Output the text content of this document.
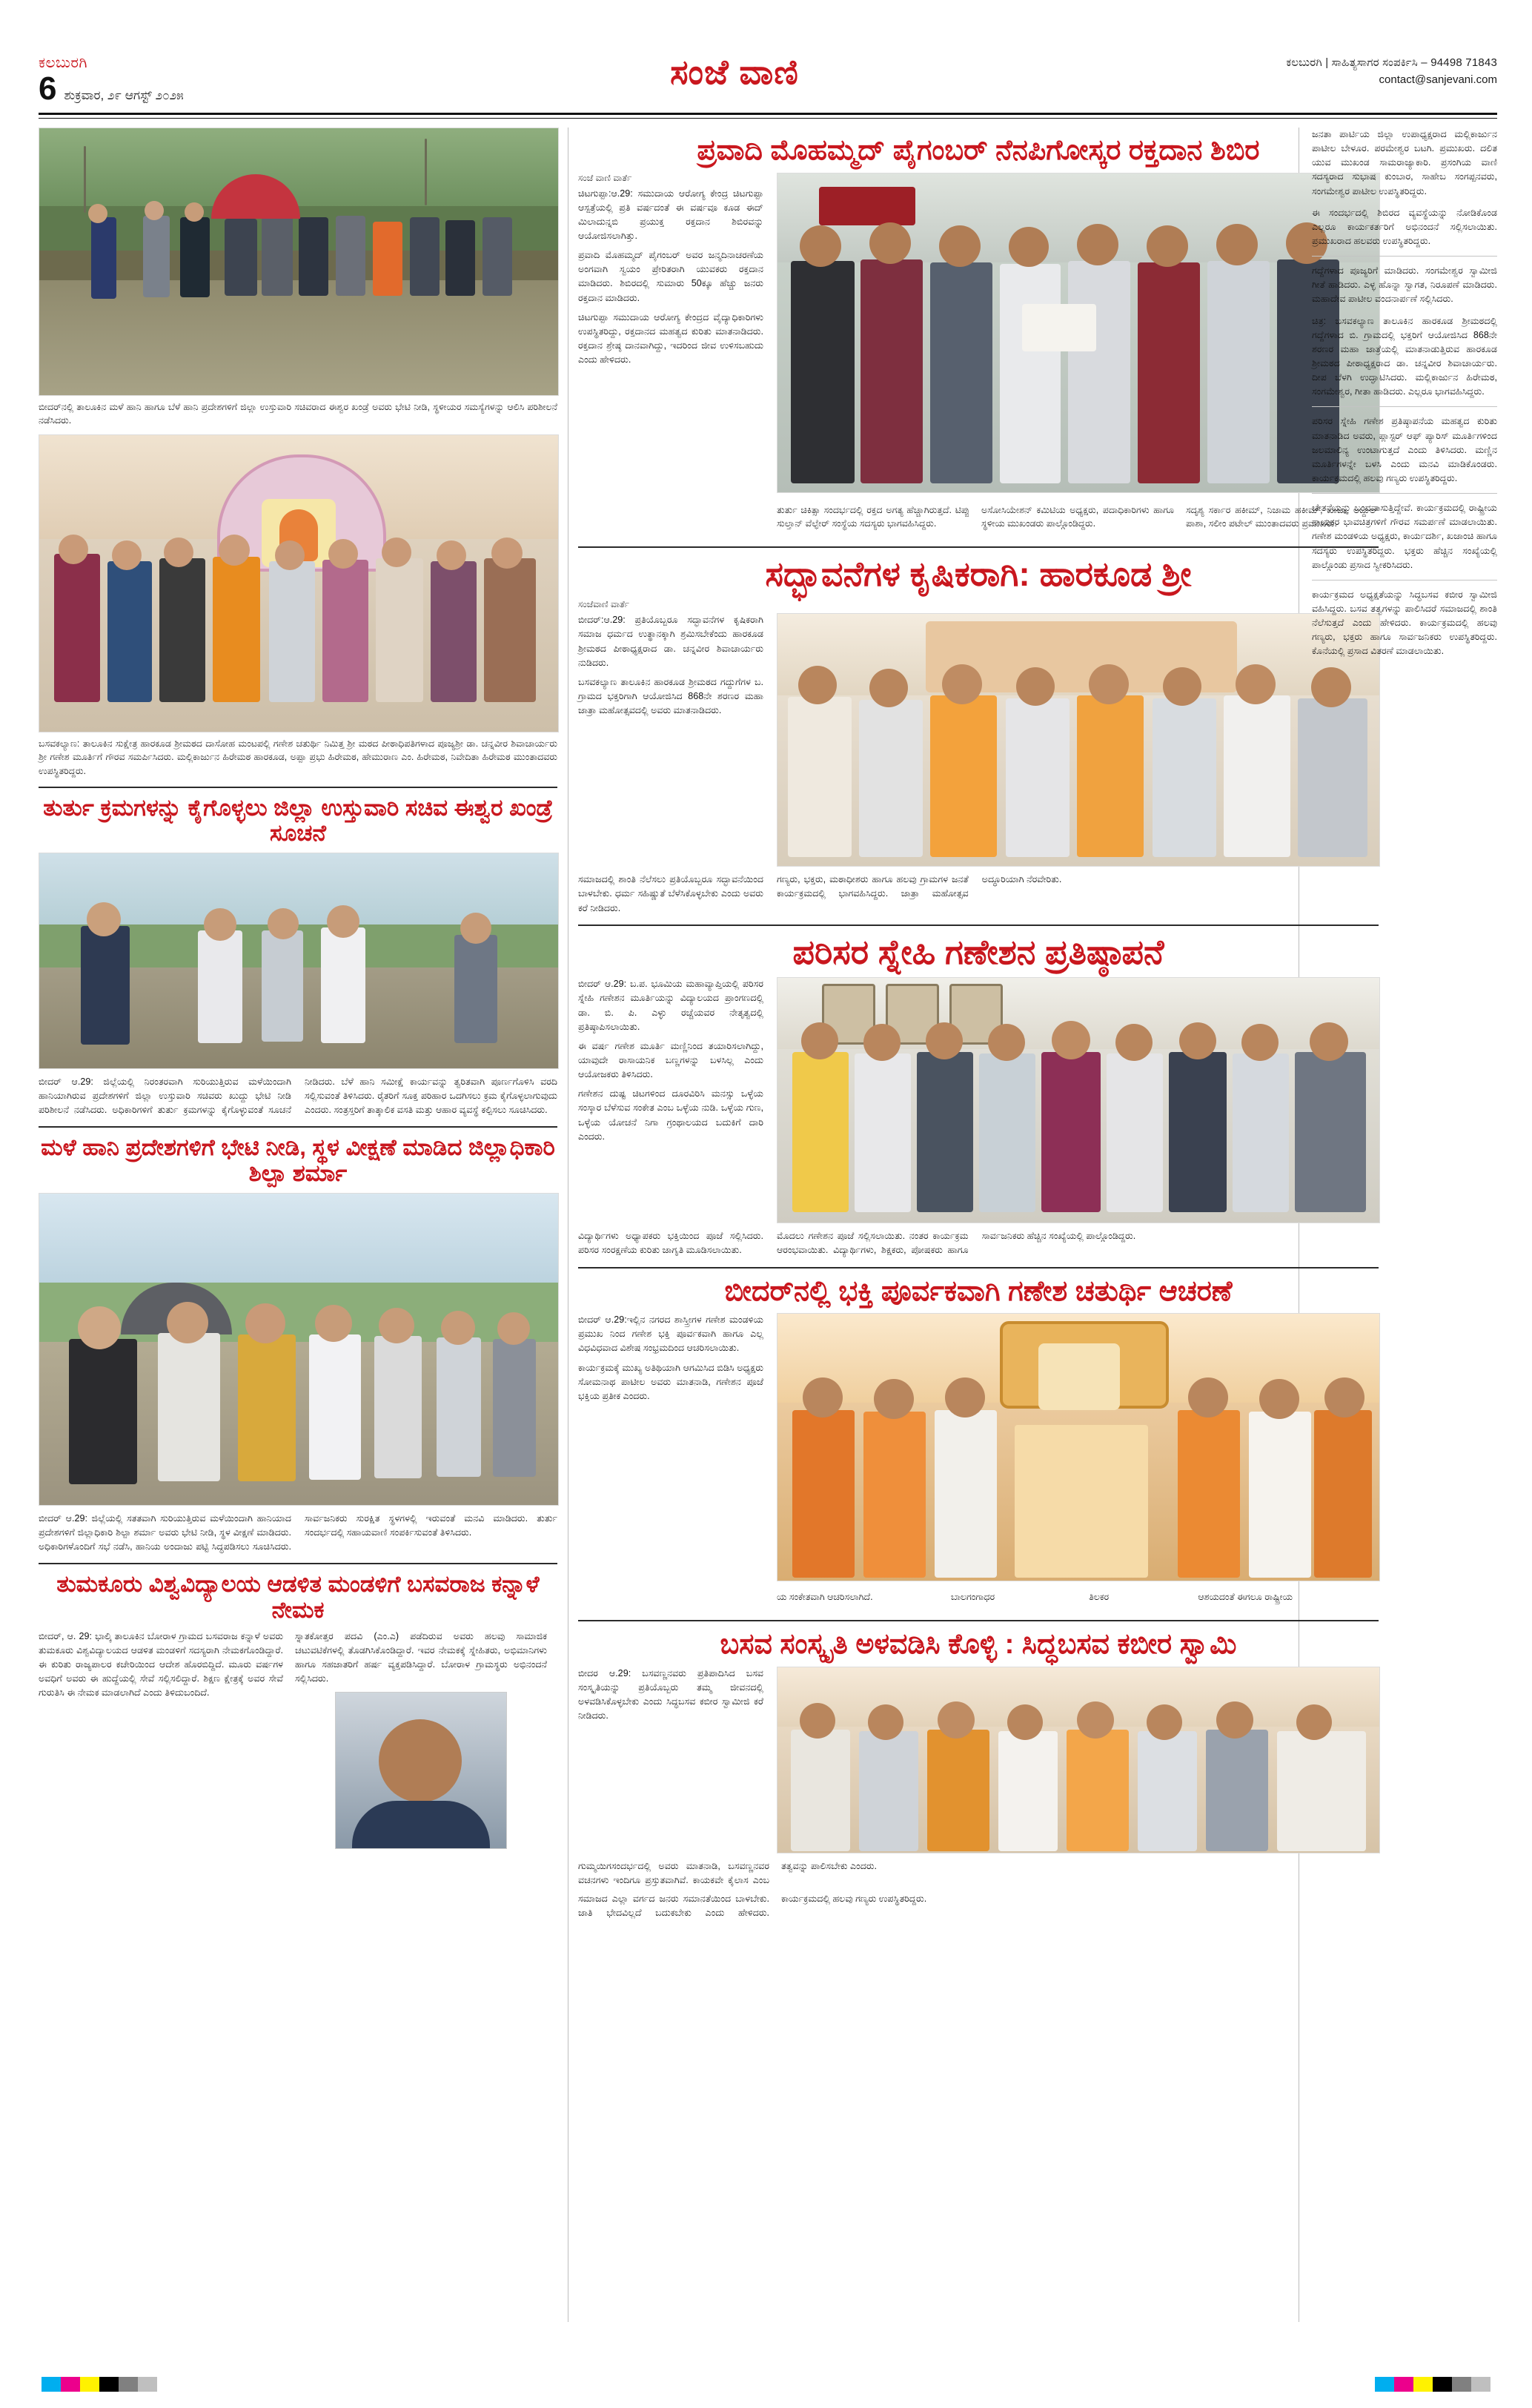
ಕಲಬುರಗಿ
6 ಶುಕ್ರವಾರ, ೨೯ ಆಗಸ್ಟ್ ೨೦೨೫
ಸಂಜೆ ವಾಣಿ	ಕಲಬುರಗಿ | ಸಾಹಿತ್ಯಸಾಗರ ಸಂಪರ್ಕಿಸಿ – 94498 71843
contact@sanjevani.com
ಬೀದರ್‌ನಲ್ಲಿ ತಾಲೂಕಿನ ಮಳೆ ಹಾನಿ ಹಾಗೂ ಬೆಳೆ ಹಾನಿ ಪ್ರದೇಶಗಳಿಗೆ ಜಿಲ್ಲಾ ಉಸ್ತುವಾರಿ ಸಚಿವರಾದ ಈಶ್ವರ ಖಂಡ್ರೆ ಅವರು ಭೇಟಿ ನೀಡಿ, ಸ್ಥಳೀಯರ ಸಮಸ್ಯೆಗಳನ್ನು ಆಲಿಸಿ ಪರಿಶೀಲನೆ ನಡೆಸಿದರು.
ಬಸವಕಲ್ಯಾಣ: ತಾಲೂಕಿನ ಸುಕ್ಷೇತ್ರ ಹಾರಕೂಡ ಶ್ರೀಮಠದ ದಾಸೋಹ ಮಂಟಪಲ್ಲಿ ಗಣೇಶ ಚತುರ್ಥಿ ನಿಮಿತ್ತ ಶ್ರೀ ಮಠದ ಪೀಠಾಧಿಪತಿಗಳಾದ ಪೂಜ್ಯಶ್ರೀ ಡಾ. ಚನ್ನವೀರ ಶಿವಾಚಾರ್ಯರು ಶ್ರೀ ಗಣೇಶ ಮೂರ್ತಿಗೆ ಗೌರವ ಸಮರ್ಪಿಸಿದರು. ಮಲ್ಲಿಕಾರ್ಜುನ ಹಿರೇಮಠ ಹಾರಕೂಡ, ಅಪ್ಪಾ ಪ್ರಭು ಹಿರೇಮಠ, ಹೇಮುರಾಣ ಎಂ. ಹಿರೇಮಠ, ನಿವೇದಿತಾ ಹಿರೇಮಠ ಮುಂತಾದವರು ಉಪಸ್ಥಿತರಿದ್ದರು.
ತುರ್ತು ಕ್ರಮಗಳನ್ನು ಕೈಗೊಳ್ಳಲು ಜಿಲ್ಲಾ ಉಸ್ತುವಾರಿ ಸಚಿವ ಈಶ್ವರ ಖಂಡ್ರೆ ಸೂಚನೆ
ಬೀದರ್ ಆ.29: ಜಿಲ್ಲೆಯಲ್ಲಿ ನಿರಂತರವಾಗಿ ಸುರಿಯುತ್ತಿರುವ ಮಳೆಯಿಂದಾಗಿ ಹಾನಿಯಾಗಿರುವ ಪ್ರದೇಶಗಳಿಗೆ ಜಿಲ್ಲಾ ಉಸ್ತುವಾರಿ ಸಚಿವರು ಖುದ್ದು ಭೇಟಿ ನೀಡಿ ಪರಿಶೀಲನೆ ನಡೆಸಿದರು. ಅಧಿಕಾರಿಗಳಿಗೆ ತುರ್ತು ಕ್ರಮಗಳನ್ನು ಕೈಗೊಳ್ಳುವಂತೆ ಸೂಚನೆ ನೀಡಿದರು. ಬೆಳೆ ಹಾನಿ ಸಮೀಕ್ಷೆ ಕಾರ್ಯವನ್ನು ತ್ವರಿತವಾಗಿ ಪೂರ್ಣಗೊಳಿಸಿ ವರದಿ ಸಲ್ಲಿಸುವಂತೆ ತಿಳಿಸಿದರು. ರೈತರಿಗೆ ಸೂಕ್ತ ಪರಿಹಾರ ಒದಗಿಸಲು ಕ್ರಮ ಕೈಗೊಳ್ಳಲಾಗುವುದು ಎಂದರು. ಸಂತ್ರಸ್ತರಿಗೆ ತಾತ್ಕಾಲಿಕ ವಸತಿ ಮತ್ತು ಆಹಾರ ವ್ಯವಸ್ಥೆ ಕಲ್ಪಿಸಲು ಸೂಚಿಸಿದರು.
ಮಳೆ ಹಾನಿ ಪ್ರದೇಶಗಳಿಗೆ ಭೇಟಿ ನೀಡಿ, ಸ್ಥಳ ವೀಕ್ಷಣೆ ಮಾಡಿದ ಜಿಲ್ಲಾಧಿಕಾರಿ ಶಿಲ್ಪಾ ಶರ್ಮಾ
ಬೀದರ್ ಆ.29: ಜಿಲ್ಲೆಯಲ್ಲಿ ಸತತವಾಗಿ ಸುರಿಯುತ್ತಿರುವ ಮಳೆಯಿಂದಾಗಿ ಹಾನಿಯಾದ ಪ್ರದೇಶಗಳಿಗೆ ಜಿಲ್ಲಾಧಿಕಾರಿ ಶಿಲ್ಪಾ ಶರ್ಮಾ ಅವರು ಭೇಟಿ ನೀಡಿ, ಸ್ಥಳ ವೀಕ್ಷಣೆ ಮಾಡಿದರು. ಅಧಿಕಾರಿಗಳೊಂದಿಗೆ ಸಭೆ ನಡೆಸಿ, ಹಾನಿಯ ಅಂದಾಜು ಪಟ್ಟಿ ಸಿದ್ಧಪಡಿಸಲು ಸೂಚಿಸಿದರು. ಸಾರ್ವಜನಿಕರು ಸುರಕ್ಷಿತ ಸ್ಥಳಗಳಲ್ಲಿ ಇರುವಂತೆ ಮನವಿ ಮಾಡಿದರು. ತುರ್ತು ಸಂದರ್ಭದಲ್ಲಿ ಸಹಾಯವಾಣಿ ಸಂಪರ್ಕಿಸುವಂತೆ ತಿಳಿಸಿದರು.
ತುಮಕೂರು ವಿಶ್ವವಿದ್ಯಾಲಯ ಆಡಳಿತ ಮಂಡಳಿಗೆ ಬಸವರಾಜ ಕನ್ನಾಳೆ ನೇಮಕ
ಬೀದರ್, ಆ. 29: ಭಾಲ್ಕಿ ತಾಲೂಕಿನ ಬೋರಾಳ ಗ್ರಾಮದ ಬಸವರಾಜ ಕನ್ನಾಳೆ ಅವರು ತುಮಕೂರು ವಿಶ್ವವಿದ್ಯಾಲಯದ ಆಡಳಿತ ಮಂಡಳಿಗೆ ಸದಸ್ಯರಾಗಿ ನೇಮಕಗೊಂಡಿದ್ದಾರೆ. ಈ ಕುರಿತು ರಾಜ್ಯಪಾಲರ ಕಚೇರಿಯಿಂದ ಆದೇಶ ಹೊರಬಿದ್ದಿದೆ. ಮೂರು ವರ್ಷಗಳ ಅವಧಿಗೆ ಅವರು ಈ ಹುದ್ದೆಯಲ್ಲಿ ಸೇವೆ ಸಲ್ಲಿಸಲಿದ್ದಾರೆ. ಶಿಕ್ಷಣ ಕ್ಷೇತ್ರಕ್ಕೆ ಅವರ ಸೇವೆ ಗುರುತಿಸಿ ಈ ನೇಮಕ ಮಾಡಲಾಗಿದೆ ಎಂದು ತಿಳಿದುಬಂದಿದೆ.
ಸ್ನಾತಕೋತ್ತರ ಪದವಿ (ಎಂ.ಎ) ಪಡೆದಿರುವ ಅವರು ಹಲವು ಸಾಮಾಜಿಕ ಚಟುವಟಿಕೆಗಳಲ್ಲಿ ತೊಡಗಿಸಿಕೊಂಡಿದ್ದಾರೆ. ಇವರ ನೇಮಕಕ್ಕೆ ಸ್ನೇಹಿತರು, ಅಭಿಮಾನಿಗಳು ಹಾಗೂ ಸಹಜಾತರಿಗೆ ಹರ್ಷ ವ್ಯಕ್ತಪಡಿಸಿದ್ದಾರೆ. ಬೋರಾಳ ಗ್ರಾಮಸ್ಥರು ಅಭಿನಂದನೆ ಸಲ್ಲಿಸಿದರು.
ಪ್ರವಾದಿ ಮೊಹಮ್ಮದ್ ಪೈಗಂಬರ್ ನೆನಪಿಗೋಸ್ಕರ ರಕ್ತದಾನ ಶಿಬಿರ
ಸಂಜೆ ವಾಣಿ ವಾರ್ತೆ
ಚಿಟಗುಪ್ಪಾ:ಆ.29: ಸಮುದಾಯ ಆರೋಗ್ಯ ಕೇಂದ್ರ ಚಿಟಗುಪ್ಪಾ ಆಸ್ಪತ್ರೆಯಲ್ಲಿ ಪ್ರತಿ ವರ್ಷದಂತೆ ಈ ವರ್ಷವೂ ಕೂಡ ಈದ್ ಮಿಲಾದುನ್ನಬಿ ಪ್ರಯುಕ್ತ ರಕ್ತದಾನ ಶಿಬಿರವನ್ನು ಆಯೋಜಿಸಲಾಗಿತ್ತು.
ಪ್ರವಾದಿ ಮೊಹಮ್ಮದ್ ಪೈಗಂಬರ್ ಅವರ ಜನ್ಮದಿನಾಚರಣೆಯ ಅಂಗವಾಗಿ ಸ್ವಯಂ ಪ್ರೇರಿತರಾಗಿ ಯುವಕರು ರಕ್ತದಾನ ಮಾಡಿದರು. ಶಿಬಿರದಲ್ಲಿ ಸುಮಾರು 50ಕ್ಕೂ ಹೆಚ್ಚು ಜನರು ರಕ್ತದಾನ ಮಾಡಿದರು.
ಚಿಟಗುಪ್ಪಾ ಸಮುದಾಯ ಆರೋಗ್ಯ ಕೇಂದ್ರದ ವೈದ್ಯಾಧಿಕಾರಿಗಳು ಉಪಸ್ಥಿತರಿದ್ದು, ರಕ್ತದಾನದ ಮಹತ್ವದ ಕುರಿತು ಮಾತನಾಡಿದರು. ರಕ್ತದಾನ ಶ್ರೇಷ್ಠ ದಾನವಾಗಿದ್ದು, ಇದರಿಂದ ಜೀವ ಉಳಿಸಬಹುದು ಎಂದು ಹೇಳಿದರು.
ತುರ್ತು ಚಿಕಿತ್ಸಾ ಸಂದರ್ಭದಲ್ಲಿ ರಕ್ತದ ಅಗತ್ಯ ಹೆಚ್ಚಾಗಿರುತ್ತದೆ. ಟಿಪ್ಪು ಸುಲ್ತಾನ್ ವೆಲ್ಫೇರ್ ಸಂಸ್ಥೆಯ ಸದಸ್ಯರು ಭಾಗವಹಿಸಿದ್ದರು.
ಅಸೋಸಿಯೇಶನ್ ಕಮಿಟಿಯ ಅಧ್ಯಕ್ಷರು, ಪದಾಧಿಕಾರಿಗಳು ಹಾಗೂ ಸ್ಥಳೀಯ ಮುಖಂಡರು ಪಾಲ್ಗೊಂಡಿದ್ದರು.
ಸದೃಶ್ಯ ಸರ್ಕಾರ ಹಕೀಮ್, ನಿಜಾಮ ಹಕೀಮ್, ಖಾಜಾ, ಅಬ್ದುಲ್ ಪಾಶಾ, ಸಲೀಂ ಪಟೇಲ್ ಮುಂತಾದವರು ಪ್ರಮುಖರು.
ಸದ್ಭಾವನೆಗಳ ಕೃಷಿಕರಾಗಿ: ಹಾರಕೂಡ ಶ್ರೀ
ಸಂಜೆವಾಣಿ ವಾರ್ತೆ
ಬೀದರ್:ಆ.29: ಪ್ರತಿಯೊಬ್ಬರೂ ಸದ್ಭಾವನೆಗಳ ಕೃಷಿಕರಾಗಿ ಸಮಾಜ ಧರ್ಮದ ಉತ್ಥಾನಕ್ಕಾಗಿ ಶ್ರಮಿಸಬೇಕೆಂದು ಹಾರಕೂಡ ಶ್ರೀಮಠದ ಪೀಠಾಧ್ಯಕ್ಷರಾದ ಡಾ. ಚನ್ನವೀರ ಶಿವಾಚಾರ್ಯರು ನುಡಿದರು.
ಬಸವಕಲ್ಯಾಣ ತಾಲೂಕಿನ ಹಾರಕೂಡ ಶ್ರೀಮಠದ ಗದ್ದುಗೆಗಳ ಬ. ಗ್ರಾಮದ ಭಕ್ತರಿಗಾಗಿ ಆಯೋಜಿಸಿದ 868ನೇ ಶರಣರ ಮಹಾ ಜಾತ್ರಾ ಮಹೋತ್ಸವದಲ್ಲಿ ಅವರು ಮಾತನಾಡಿದರು.
ಸಮಾಜದಲ್ಲಿ ಶಾಂತಿ ನೆಲೆಸಲು ಪ್ರತಿಯೊಬ್ಬರೂ ಸದ್ಭಾವನೆಯಿಂದ ಬಾಳಬೇಕು. ಧರ್ಮ ಸಹಿಷ್ಣುತೆ ಬೆಳೆಸಿಕೊಳ್ಳಬೇಕು ಎಂದು ಅವರು ಕರೆ ನೀಡಿದರು.
ಗಣ್ಯರು, ಭಕ್ತರು, ಮಠಾಧೀಶರು ಹಾಗೂ ಹಲವು ಗ್ರಾಮಗಳ ಜನತೆ ಕಾರ್ಯಕ್ರಮದಲ್ಲಿ ಭಾಗವಹಿಸಿದ್ದರು. ಜಾತ್ರಾ ಮಹೋತ್ಸವ ಅದ್ಧೂರಿಯಾಗಿ ನೆರವೇರಿತು.
ಪರಿಸರ ಸ್ನೇಹಿ ಗಣೇಶನ ಪ್ರತಿಷ್ಠಾಪನೆ
ಬೀದರ್ ಆ.29: ಬ.ಪ. ಭೂಮಿಯ ಮಹಾವ್ಯಾಪ್ತಿಯಲ್ಲಿ ಪರಿಸರ ಸ್ನೇಹಿ ಗಣೇಶನ ಮೂರ್ತಿಯನ್ನು ವಿದ್ಯಾಲಯದ ಪ್ರಾಂಗಣದಲ್ಲಿ ಡಾ. ಬಿ. ಪಿ. ಎಳ್ಳು ರಚ್ಚೆಯವರ ನೇತೃತ್ವದಲ್ಲಿ ಪ್ರತಿಷ್ಠಾಪಿಸಲಾಯಿತು.
ಈ ವರ್ಷ ಗಣೇಶ ಮೂರ್ತಿ ಮಣ್ಣಿನಿಂದ ತಯಾರಿಸಲಾಗಿದ್ದು, ಯಾವುದೇ ರಾಸಾಯನಿಕ ಬಣ್ಣಗಳನ್ನು ಬಳಸಿಲ್ಲ ಎಂದು ಆಯೋಜಕರು ತಿಳಿಸಿದರು.
ಗಣೇಶನ ದುಷ್ಟ ಚಿಟಗಳಿಂದ ದೂರವಿರಿಸಿ ಮನಸ್ಸು ಒಳ್ಳೆಯ ಸಂಸ್ಕಾರ ಬೆಳೆಸುವ ಸಂಕೇತ ಎಂಬ ಒಳ್ಳೆಯ ನುಡಿ. ಒಳ್ಳೆಯ ಗುಣ, ಒಳ್ಳೆಯ ಯೋಚನೆ ನಿಗಾ ಗ್ರಂಥಾಲಯದ ಬದುಕಿಗೆ ದಾರಿ ಎಂದರು.
ವಿದ್ಯಾರ್ಥಿಗಳು ಅಧ್ಯಾಪಕರು ಭಕ್ತಿಯಿಂದ ಪೂಜೆ ಸಲ್ಲಿಸಿದರು. ಪರಿಸರ ಸಂರಕ್ಷಣೆಯ ಕುರಿತು ಜಾಗೃತಿ ಮೂಡಿಸಲಾಯಿತು.
ಮೊದಲು ಗಣೇಶನ ಪೂಜೆ ಸಲ್ಲಿಸಲಾಯಿತು. ನಂತರ ಕಾರ್ಯಕ್ರಮ ಆರಂಭವಾಯಿತು. ವಿದ್ಯಾರ್ಥಿಗಳು, ಶಿಕ್ಷಕರು, ಪೋಷಕರು ಹಾಗೂ ಸಾರ್ವಜನಿಕರು ಹೆಚ್ಚಿನ ಸಂಖ್ಯೆಯಲ್ಲಿ ಪಾಲ್ಗೊಂಡಿದ್ದರು.
ಬೀದರ್‌ನಲ್ಲಿ ಭಕ್ತಿ ಪೂರ್ವಕವಾಗಿ ಗಣೇಶ ಚತುರ್ಥಿ ಆಚರಣೆ
ಬೀದರ್ ಆ.29:ಇಲ್ಲಿನ ನಗರದ ಶಾಸ್ತ್ರೀಗಳ ಗಣೇಶ ಮಂಡಳಿಯ ಪ್ರಮುಖ ನಿಂದ ಗಣೇಶ ಭಕ್ತಿ ಪೂರ್ವಕವಾಗಿ ಹಾಗೂ ಎಲ್ಲ ವಿಧವಿಧವಾದ ವಿಶೇಷ ಸಂಭ್ರಮದಿಂದ ಆಚರಿಸಲಾಯಿತು.
ಕಾರ್ಯಕ್ರಮಕ್ಕೆ ಮುಖ್ಯ ಅತಿಥಿಯಾಗಿ ಆಗಮಿಸಿದ ಬಿಡಿಸಿ ಅಧ್ಯಕ್ಷರು ಸೋಮನಾಥ ಪಾಟೀಲ ಅವರು ಮಾತನಾಡಿ, ಗಣೇಶನ ಪೂಜೆ ಭಕ್ತಿಯ ಪ್ರತೀಕ ಎಂದರು.
ಯ ಸಂಕೇತವಾಗಿ ಆಚರಿಸಲಾಗಿದೆ.	ಬಾಲಗಂಗಾಧರ	ತಿಲಕರ	ಆಶಯದಂತೆ ಈಗಲೂ ರಾಷ್ಟ್ರೀಯ
ಬಸವ ಸಂಸ್ಕೃತಿ ಅಳವಡಿಸಿ ಕೊಳ್ಳಿ : ಸಿದ್ಧಬಸವ ಕಬೀರ ಸ್ವಾಮಿ
ಬೀದರ ಆ.29: ಬಸವಣ್ಣನವರು ಪ್ರತಿಪಾದಿಸಿದ ಬಸವ ಸಂಸ್ಕೃತಿಯನ್ನು ಪ್ರತಿಯೊಬ್ಬರು ತಮ್ಮ ಜೀವನದಲ್ಲಿ ಅಳವಡಿಸಿಕೊಳ್ಳಬೇಕು ಎಂದು ಸಿದ್ಧಬಸವ ಕಬೀರ ಸ್ವಾಮೀಜಿ ಕರೆ ನೀಡಿದರು.
ಗುಮ್ಮಯಿಗಸಂದರ್ಭದಲ್ಲಿ ಅವರು ಮಾತನಾಡಿ, ಬಸವಣ್ಣನವರ ವಚನಗಳು ಇಂದಿಗೂ ಪ್ರಸ್ತುತವಾಗಿವೆ. ಕಾಯಕವೇ ಕೈಲಾಸ ಎಂಬ ತತ್ವವನ್ನು ಪಾಲಿಸಬೇಕು ಎಂದರು.
ಸಮಾಜದ ಎಲ್ಲಾ ವರ್ಗದ ಜನರು ಸಮಾನತೆಯಿಂದ ಬಾಳಬೇಕು. ಜಾತಿ ಭೇದವಿಲ್ಲದೆ ಬದುಕಬೇಕು ಎಂದು ಹೇಳಿದರು. ಕಾರ್ಯಕ್ರಮದಲ್ಲಿ ಹಲವು ಗಣ್ಯರು ಉಪಸ್ಥಿತರಿದ್ದರು.
ಜನತಾ ಪಾರ್ಟಿಯ ಜಿಲ್ಲಾ ಉಪಾಧ್ಯಕ್ಷರಾದ ಮಲ್ಲಿಕಾರ್ಜುನ ಪಾಟೀಲ ಬೇಳೂರ. ಪರಮೇಶ್ವರ ಬಟಗಿ. ಪ್ರಮುಖರು. ದಲಿತ ಯುವ ಮುಖಂಡ ಸಾಮರಾಜ್ಯಾಕಾರಿ. ಪ್ರಸಂಗಿಯ ವಾಣಿ ಸದಸ್ಯರಾದ ಸುಭಾಷ ಕುಂಬಾರ, ಸಾಹೇಬ ಸಂಗಪ್ಪನವರು, ಸಂಗಮೇಶ್ವರ ಪಾಟೀಲ ಉಪಸ್ಥಿತರಿದ್ದರು.
ಈ ಸಂದರ್ಭದಲ್ಲಿ ಶಿಬಿರದ ವ್ಯವಸ್ಥೆಯನ್ನು ನೋಡಿಕೊಂಡ ಎಲ್ಲರೂ ಕಾರ್ಯಕರ್ತರಿಗೆ ಅಭಿನಂದನೆ ಸಲ್ಲಿಸಲಾಯಿತು. ಪ್ರಮುಖರಾದ ಹಲವರು ಉಪಸ್ಥಿತರಿದ್ದರು.
ಗದ್ದೆಗಳಾದ ಪೂಜ್ಯರಿಗೆ ಮಾಡಿದರು. ಸಂಗಮೇಶ್ವರ ಸ್ವಾಮೀಜಿ ಗೀತೆ ಹಾಡಿದರು. ಎಳ್ಳ ಹೊನ್ನಾ ಸ್ವಾಗತ, ನಿರೂಪಣೆ ಮಾಡಿದರು. ಮಹಾದೇವ ಪಾಟೀಲ ವಂದನಾರ್ಪಣೆ ಸಲ್ಲಿಸಿದರು.
ಚಿತ್ರ: ಬಸವಕಲ್ಯಾಣ ತಾಲೂಕಿನ ಹಾರಕೂಡ ಶ್ರೀಮಠದಲ್ಲಿ ಗದ್ದೆಗಳಾದ ಬಿ. ಗ್ರಾಮದಲ್ಲಿ ಭಕ್ತರಿಗೆ ಆಯೋಜಿಸಿದ 868ನೇ ಶರಣರ ಮಹಾ ಜಾತ್ರೆಯಲ್ಲಿ ಮಾತನಾಡುತ್ತಿರುವ ಹಾರಕೂಡ ಶ್ರೀಮಠದ ಪೀಠಾಧ್ಯಕ್ಷರಾದ ಡಾ. ಚನ್ನವೀರ ಶಿವಾಚಾರ್ಯರು. ದೀಪ ಬೆಳಗಿ ಉದ್ಘಾಟಿಸಿದರು. ಮಲ್ಲಿಕಾರ್ಜುನ ಹಿರೇಮಠ, ಸಂಗಮೇಶ್ವರ, ಗೀತಾ ಹಾಡಿದರು. ಎಲ್ಲರೂ ಭಾಗವಹಿಸಿದ್ದರು.
ಪರಿಸರ ಸ್ನೇಹಿ ಗಣೇಶ ಪ್ರತಿಷ್ಠಾಪನೆಯ ಮಹತ್ವದ ಕುರಿತು ಮಾತನಾಡಿದ ಅವರು, ಪ್ಲಾಸ್ಟರ್ ಆಫ್ ಪ್ಯಾರಿಸ್ ಮೂರ್ತಿಗಳಿಂದ ಜಲಮಾಲಿನ್ಯ ಉಂಟಾಗುತ್ತದೆ ಎಂದು ತಿಳಿಸಿದರು. ಮಣ್ಣಿನ ಮೂರ್ತಿಗಳನ್ನೇ ಬಳಸಿ ಎಂದು ಮನವಿ ಮಾಡಿಕೊಂಡರು. ಕಾರ್ಯಕ್ರಮದಲ್ಲಿ ಹಲವು ಗಣ್ಯರು ಉಪಸ್ಥಿತರಿದ್ದರು.
ಚೇತನೆಯನ್ನು ಬಂದವಾಸುತ್ತಿದ್ದೇವೆ. ಕಾರ್ಯಕ್ರಮದಲ್ಲಿ ರಾಷ್ಟ್ರೀಯ ನಾಯಕರ ಭಾವಚಿತ್ರಗಳಿಗೆ ಗೌರವ ಸಮರ್ಪಣೆ ಮಾಡಲಾಯಿತು. ಗಣೇಶ ಮಂಡಳಿಯ ಅಧ್ಯಕ್ಷರು, ಕಾರ್ಯದರ್ಶಿ, ಖಜಾಂಚಿ ಹಾಗೂ ಸದಸ್ಯರು ಉಪಸ್ಥಿತರಿದ್ದರು. ಭಕ್ತರು ಹೆಚ್ಚಿನ ಸಂಖ್ಯೆಯಲ್ಲಿ ಪಾಲ್ಗೊಂಡು ಪ್ರಸಾದ ಸ್ವೀಕರಿಸಿದರು.
ಕಾರ್ಯಕ್ರಮದ ಅಧ್ಯಕ್ಷತೆಯನ್ನು ಸಿದ್ಧಬಸವ ಕಬೀರ ಸ್ವಾಮೀಜಿ ವಹಿಸಿದ್ದರು. ಬಸವ ತತ್ವಗಳನ್ನು ಪಾಲಿಸಿದರೆ ಸಮಾಜದಲ್ಲಿ ಶಾಂತಿ ನೆಲೆಸುತ್ತದೆ ಎಂದು ಹೇಳಿದರು. ಕಾರ್ಯಕ್ರಮದಲ್ಲಿ ಹಲವು ಗಣ್ಯರು, ಭಕ್ತರು ಹಾಗೂ ಸಾರ್ವಜನಿಕರು ಉಪಸ್ಥಿತರಿದ್ದರು. ಕೊನೆಯಲ್ಲಿ ಪ್ರಸಾದ ವಿತರಣೆ ಮಾಡಲಾಯಿತು.
